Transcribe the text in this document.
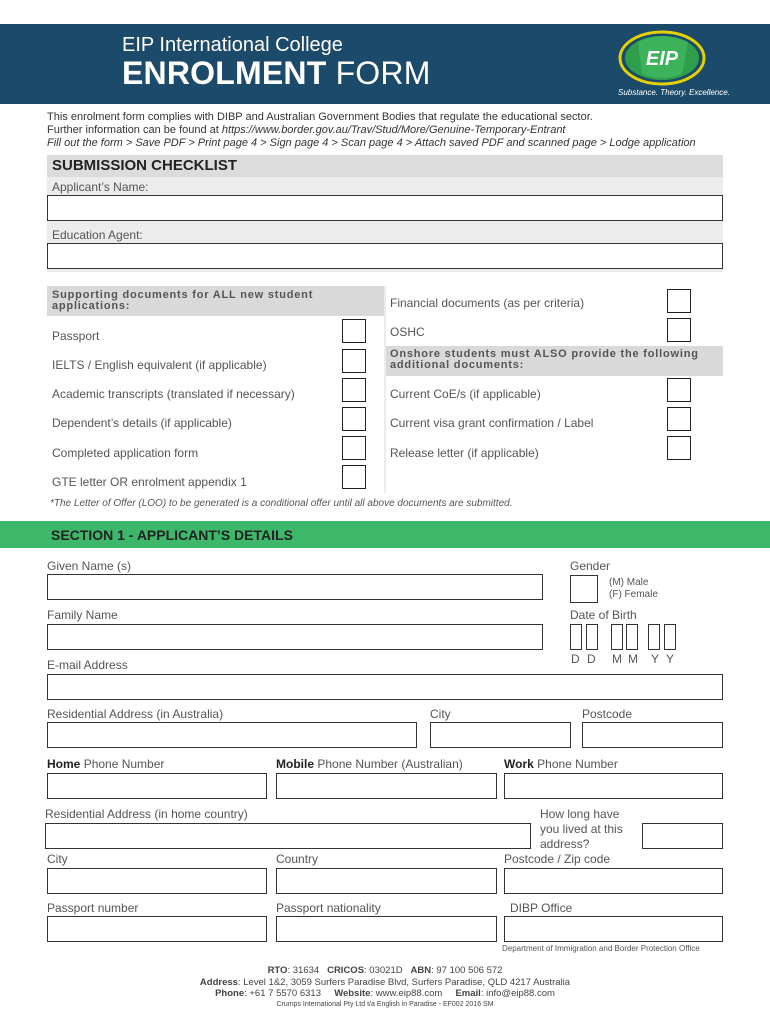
EIP International College
ENROLMENT FORM	EIP
Substance. Theory. Excellence.
This enrolment form complies with DIBP and Australian Government Bodies that regulate the educational sector.
Further information can be found at https://www.border.gov.au/Trav/Stud/More/Genuine-Temporary-Entrant
Fill out the form > Save PDF > Print page 4 > Sign page 4 > Scan page 4 > Attach saved PDF and scanned page > Lodge application
SUBMISSION CHECKLIST
Applicant’s Name:
Education Agent:
Supporting documents for ALL new student applications:
Onshore students must ALSO provide the following additional documents:
Passport
IELTS / English equivalent (if applicable)
Academic transcripts (translated if necessary)
Dependent’s details (if applicable)
Completed application form
GTE letter OR enrolment appendix 1
Financial documents (as per criteria)
OSHC
Current CoE/s (if applicable)
Current visa grant confirmation / Label
Release letter (if applicable)
*The Letter of Offer (LOO) to be generated is a conditional offer until all above documents are submitted.
SECTION 1 - APPLICANT’S DETAILS
Given Name (s)	Gender
(M) Male
(F) Female
Family Name	Date of Birth
D D M M Y Y
E-mail Address
Residential Address (in Australia)	City	Postcode
Home Phone Number	Mobile Phone Number (Australian)	Work Phone Number
Residential Address (in home country)	How long have
you lived at this
address?
City	Country	Postcode / Zip code
Passport number	Passport nationality	DIBP Office
Department of Immigration and Border Protection Office
RTO: 31634 CRICOS: 03021D ABN: 97 100 506 572
Address: Level 1&2, 3059 Surfers Paradise Blvd, Surfers Paradise, QLD 4217 Australia
Phone: +61 7 5570 6313 Website: www.eip88.com Email: info@eip88.com
Crumps International Pty Ltd t/a English in Paradise - EF002 2016 SM
